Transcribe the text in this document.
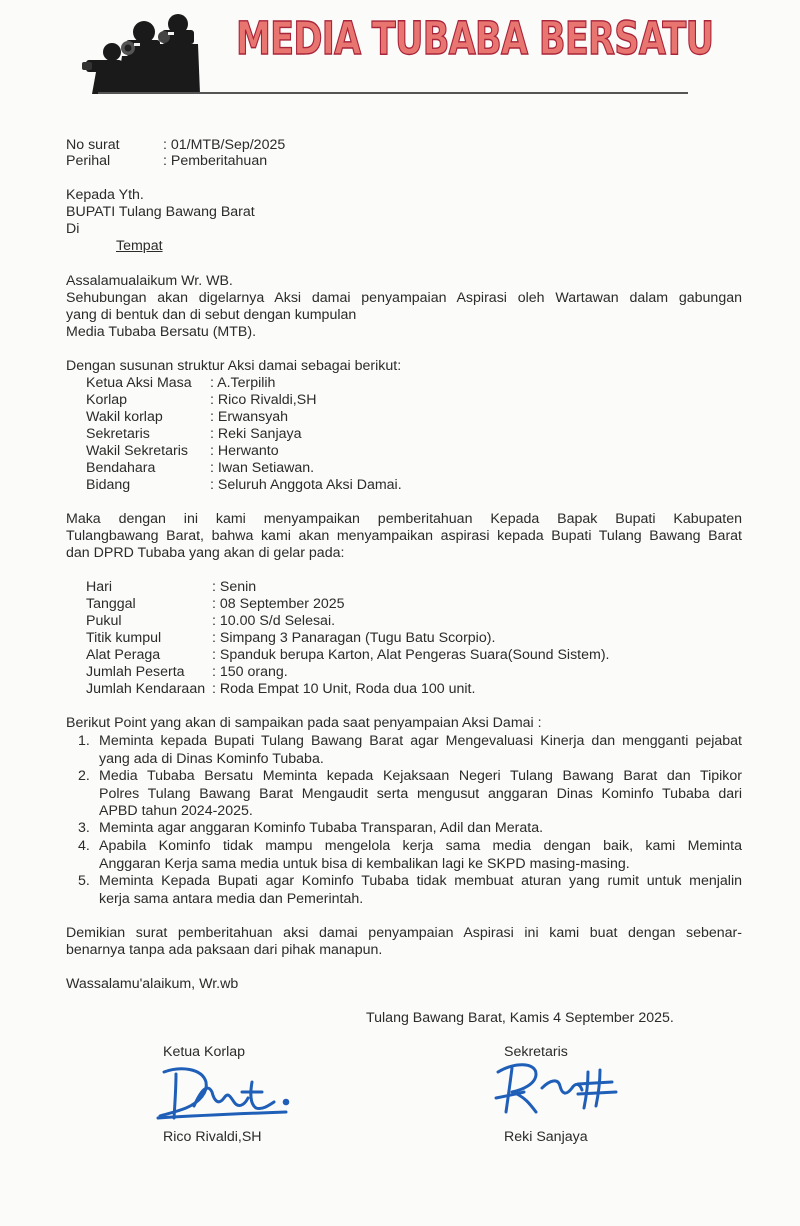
MEDIA TUBABA BERSATU
No surat	: 01/MTB/Sep/2025
Perihal	: Pemberitahuan
Kepada Yth.
BUPATI Tulang Bawang Barat
Di
Tempat
Assalamualaikum Wr. WB.
Sehubungan akan digelarnya Aksi damai penyampaian Aspirasi oleh Wartawan dalam gabungan
yang di bentuk dan di sebut dengan kumpulan
Media Tubaba Bersatu (MTB).
Dengan susunan struktur Aksi damai sebagai berikut:
Ketua Aksi Masa : A.Terpilih
Korlap	: Rico Rivaldi,SH
Wakil korlap	: Erwansyah
Sekretaris	: Reki Sanjaya
Wakil Sekretaris : Herwanto
Bendahara	: Iwan Setiawan.
Bidang	: Seluruh Anggota Aksi Damai.
Maka dengan ini kami menyampaikan pemberitahuan Kepada Bapak Bupati Kabupaten
Tulangbawang Barat, bahwa kami akan menyampaikan aspirasi kepada Bupati Tulang Bawang Barat
dan DPRD Tubaba yang akan di gelar pada:
Hari	: Senin
Tanggal	: 08 September 2025
Pukul	: 10.00 S/d Selesai.
Titik kumpul	: Simpang 3 Panaragan (Tugu Batu Scorpio).
Alat Peraga	: Spanduk berupa Karton, Alat Pengeras Suara(Sound Sistem).
Jumlah Peserta : 150 orang.
Jumlah Kendaraan : Roda Empat 10 Unit, Roda dua 100 unit.
Berikut Point yang akan di sampaikan pada saat penyampaian Aksi Damai :
1. Meminta kepada Bupati Tulang Bawang Barat agar Mengevaluasi Kinerja dan mengganti pejabat
yang ada di Dinas Kominfo Tubaba.
2. Media Tubaba Bersatu Meminta kepada Kejaksaan Negeri Tulang Bawang Barat dan Tipikor
Polres Tulang Bawang Barat Mengaudit serta mengusut anggaran Dinas Kominfo Tubaba dari
APBD tahun 2024-2025.
3. Meminta agar anggaran Kominfo Tubaba Transparan, Adil dan Merata.
4. Apabila Kominfo tidak mampu mengelola kerja sama media dengan baik, kami Meminta
Anggaran Kerja sama media untuk bisa di kembalikan lagi ke SKPD masing-masing.
5. Meminta Kepada Bupati agar Kominfo Tubaba tidak membuat aturan yang rumit untuk menjalin
kerja sama antara media dan Pemerintah.
Demikian surat pemberitahuan aksi damai penyampaian Aspirasi ini kami buat dengan sebenar-
benarnya tanpa ada paksaan dari pihak manapun.
Wassalamu'alaikum, Wr.wb
Tulang Bawang Barat, Kamis 4 September 2025.
Ketua Korlap
Rico Rivaldi,SH
Sekretaris
Reki Sanjaya
